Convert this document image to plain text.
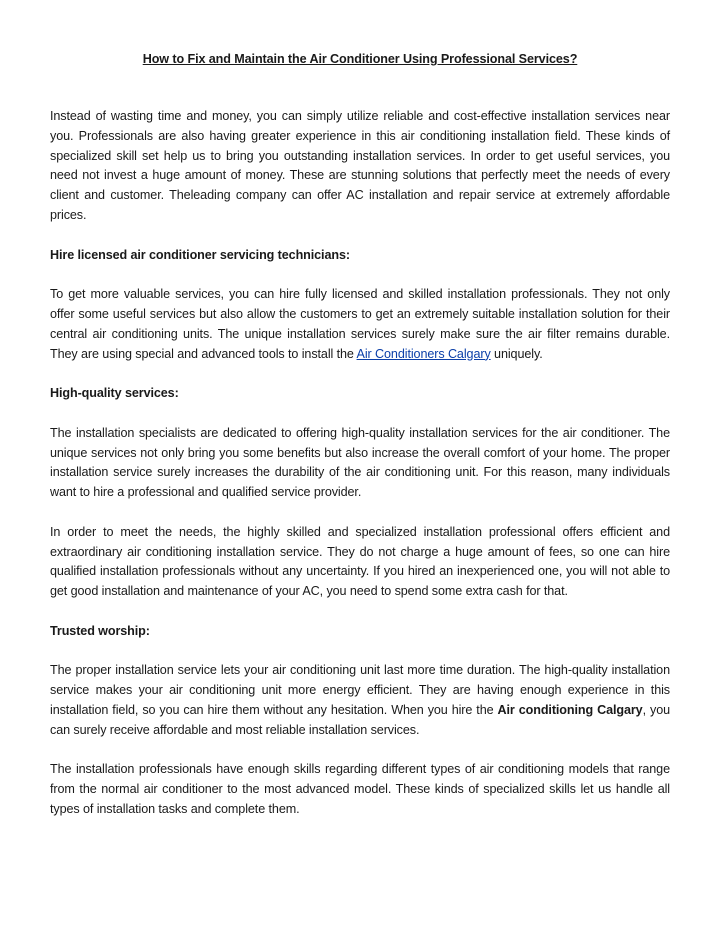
How to Fix and Maintain the Air Conditioner Using Professional Services?

Instead of wasting time and money, you can simply utilize reliable and cost-effective installation services near you. Professionals are also having greater experience in this air conditioning installation field. These kinds of specialized skill set help us to bring you outstanding installation services. In order to get useful services, you need not invest a huge amount of money. These are stunning solutions that perfectly meet the needs of every client and customer. Theleading company can offer AC installation and repair service at extremely affordable prices.

Hire licensed air conditioner servicing technicians:

To get more valuable services, you can hire fully licensed and skilled installation professionals. They not only offer some useful services but also allow the customers to get an extremely suitable installation solution for their central air conditioning units. The unique installation services surely make sure the air filter remains durable. They are using special and advanced tools to install the Air Conditioners Calgary uniquely.

High-quality services:

The installation specialists are dedicated to offering high-quality installation services for the air conditioner. The unique services not only bring you some benefits but also increase the overall comfort of your home. The proper installation service surely increases the durability of the air conditioning unit. For this reason, many individuals want to hire a professional and qualified service provider.

In order to meet the needs, the highly skilled and specialized installation professional offers efficient and extraordinary air conditioning installation service. They do not charge a huge amount of fees, so one can hire qualified installation professionals without any uncertainty. If you hired an inexperienced one, you will not able to get good installation and maintenance of your AC, you need to spend some extra cash for that.

Trusted worship:

The proper installation service lets your air conditioning unit last more time duration. The high-quality installation service makes your air conditioning unit more energy efficient. They are having enough experience in this installation field, so you can hire them without any hesitation. When you hire the Air conditioning Calgary, you can surely receive affordable and most reliable installation services.

The installation professionals have enough skills regarding different types of air conditioning models that range from the normal air conditioner to the most advanced model. These kinds of specialized skills let us handle all types of installation tasks and complete them.
